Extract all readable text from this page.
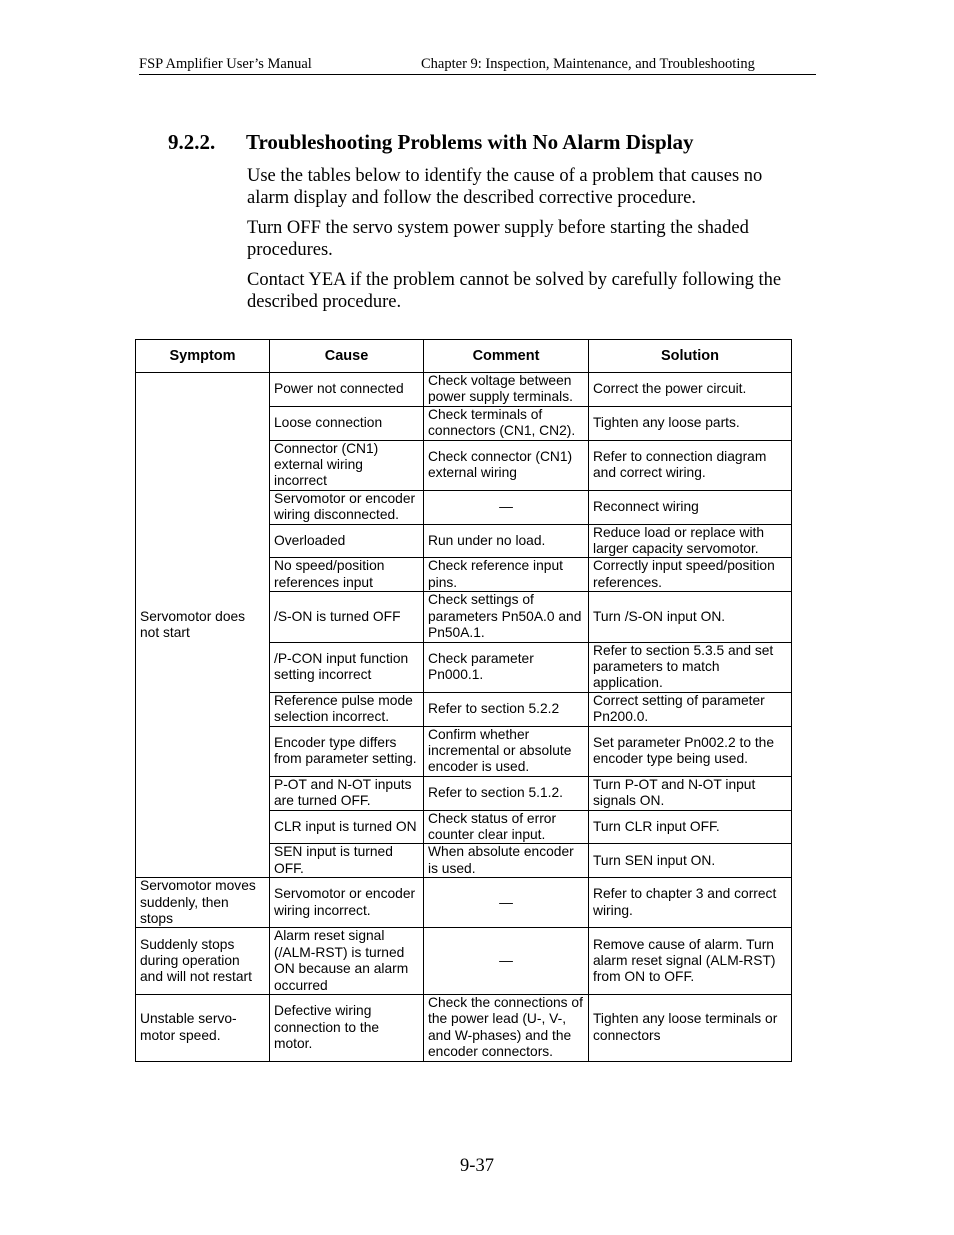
FSP Amplifier User’s Manual	Chapter 9: Inspection, Maintenance, and Troubleshooting
9.2.2. Troubleshooting Problems with No Alarm Display
Use the tables below to identify the cause of a problem that causes no alarm display and follow the described corrective procedure.
Turn OFF the servo system power supply before starting the shaded procedures.
Contact YEA if the problem cannot be solved by carefully following the described procedure.
Symptom	Cause	Comment	Solution
Servomotor does not start	Power not connected	Check voltage between power supply terminals.	Correct the power circuit.
	Loose connection	Check terminals of connectors (CN1, CN2).	Tighten any loose parts.
	Connector (CN1) external wiring incorrect	Check connector (CN1) external wiring	Refer to connection diagram and correct wiring.
	Servomotor or encoder wiring disconnected.	—	Reconnect wiring
	Overloaded	Run under no load.	Reduce load or replace with larger capacity servomotor.
	No speed/position references input	Check reference input pins.	Correctly input speed/position references.
	/S-ON is turned OFF	Check settings of parameters Pn50A.0 and Pn50A.1.	Turn /S-ON input ON.
	/P-CON input function setting incorrect	Check parameter Pn000.1.	Refer to section 5.3.5 and set parameters to match application.
	Reference pulse mode selection incorrect.	Refer to section 5.2.2	Correct setting of parameter Pn200.0.
	Encoder type differs from parameter setting.	Confirm whether incremental or absolute encoder is used.	Set parameter Pn002.2 to the encoder type being used.
	P-OT and N-OT inputs are turned OFF.	Refer to section 5.1.2.	Turn P-OT and N-OT input signals ON.
	CLR input is turned ON	Check status of error counter clear input.	Turn CLR input OFF.
	SEN input is turned OFF.	When absolute encoder is used.	Turn SEN input ON.
Servomotor moves suddenly, then stops	Servomotor or encoder wiring incorrect.	—	Refer to chapter 3 and correct wiring.
Suddenly stops during operation and will not restart	Alarm reset signal (/ALM-RST) is turned ON because an alarm occurred	—	Remove cause of alarm. Turn alarm reset signal (ALM-RST) from ON to OFF.
Unstable servo-motor speed.	Defective wiring connection to the motor.	Check the connections of the power lead (U-, V-, and W-phases) and the encoder connectors.	Tighten any loose terminals or connectors
9-37
